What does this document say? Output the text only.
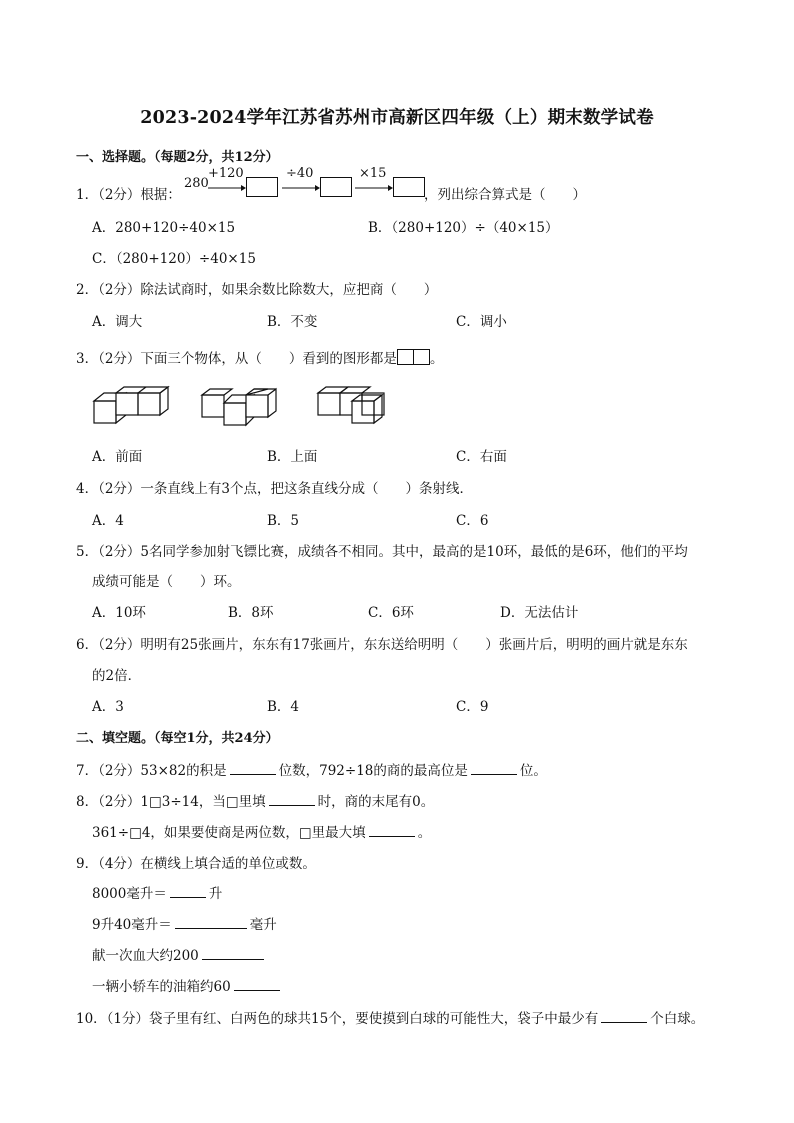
2023-2024学年江苏省苏州市高新区四年级（上）期末数学试卷
一、选择题。（每题2分，共12分）
1．（2分）根据：
280
+120	÷40	×15
，列出综合算式是（　　）
A．280+120÷40×15	B．（280+120）÷（40×15）
C．（280+120）÷40×15
2．（2分）除法试商时，如果余数比除数大，应把商（　　）
A．调大	B．不变	C．调小
3．（2分）下面三个物体，从（　　）看到的图形都是 。
A．前面	B．上面	C．右面
4．（2分）一条直线上有3个点，把这条直线分成（　　）条射线．
A．4	B．5	C．6
5．（2分）5名同学参加射飞镖比赛，成绩各不相同。其中，最高的是10环，最低的是6环，他们的平均
成绩可能是（　　）环。
A．10环	B．8环	C．6环	D．无法估计
6．（2分）明明有25张画片，东东有17张画片，东东送给明明（　　）张画片后，明明的画片就是东东
的2倍．
A．3	B．4	C．9
二、填空题。（每空1分，共24分）
7．（2分）53×82的积是	位数，792÷18的商的最高位是	位。
8．（2分）1□3÷14，当□里填	时，商的末尾有0。
361÷□4，如果要使商是两位数，□里最大填	。
9．（4分）在横线上填合适的单位或数。
8000毫升＝	升
9升40毫升＝	毫升
献一次血大约200
一辆小轿车的油箱约60
10．（1分）袋子里有红、白两色的球共15个，要使摸到白球的可能性大，袋子中最少有	个白球。
